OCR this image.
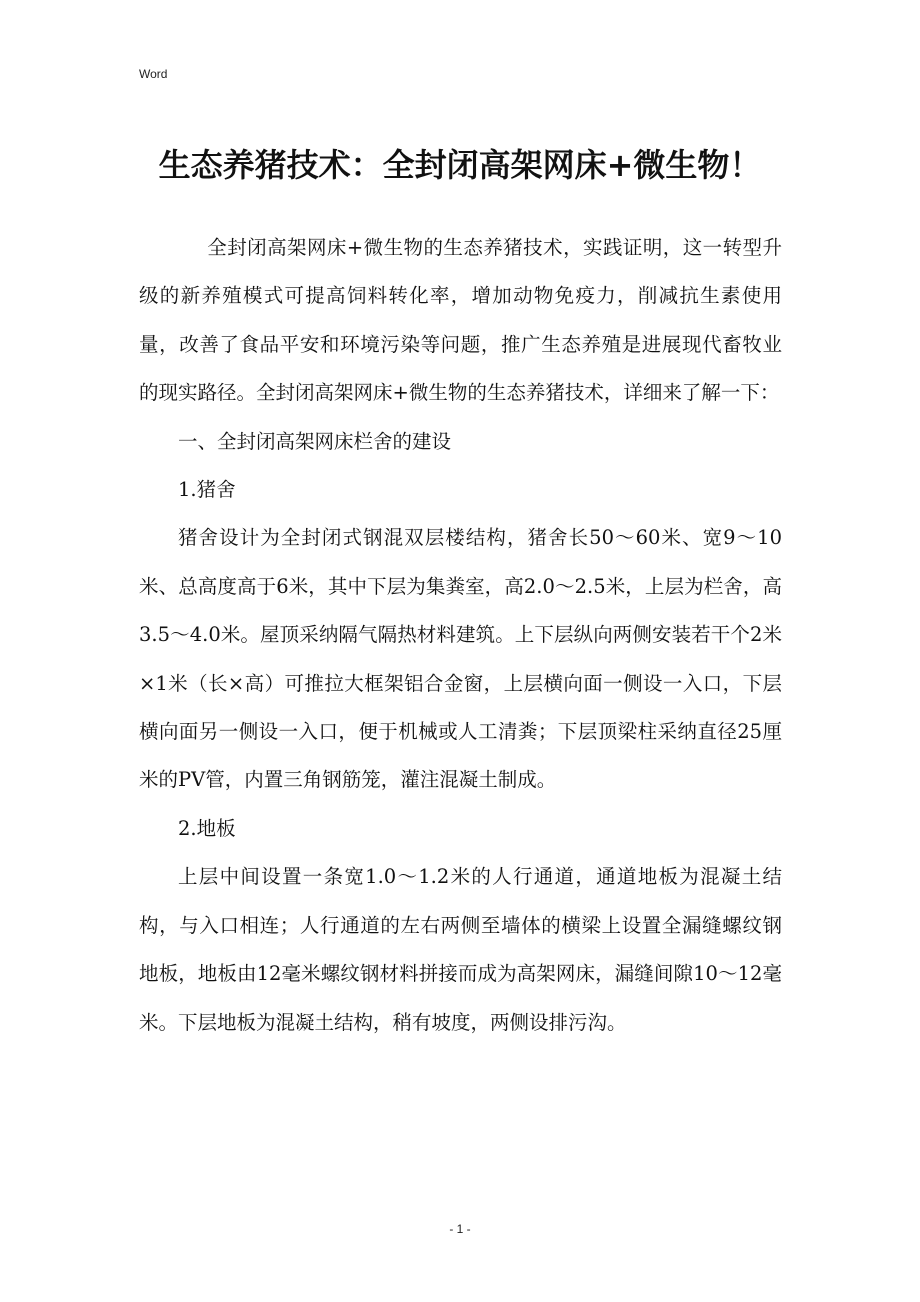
Word
生态养猪技术：全封闭高架网床+微生物！

全封闭高架网床+微生物的生态养猪技术，实践证明，这一转型升级的新养殖模式可提高饲料转化率，增加动物免疫力，削减抗生素使用量，改善了食品平安和环境污染等问题，推广生态养殖是进展现代畜牧业的现实路径。全封闭高架网床+微生物的生态养猪技术，详细来了解一下：

一、全封闭高架网床栏舍的建设

1.猪舍

猪舍设计为全封闭式钢混双层楼结构，猪舍长50～60米、宽9～10米、总高度高于6米，其中下层为集粪室，高2.0～2.5米，上层为栏舍，高3.5～4.0米。屋顶采纳隔气隔热材料建筑。上下层纵向两侧安装若干个2米×1米（长×高）可推拉大框架铝合金窗，上层横向面一侧设一入口，下层横向面另一侧设一入口，便于机械或人工清粪；下层顶梁柱采纳直径25厘米的PV管，内置三角钢筋笼，灌注混凝土制成。

2.地板

上层中间设置一条宽1.0～1.2米的人行通道，通道地板为混凝土结构，与入口相连；人行通道的左右两侧至墙体的横梁上设置全漏缝螺纹钢地板，地板由12毫米螺纹钢材料拼接而成为高架网床，漏缝间隙10～12毫米。下层地板为混凝土结构，稍有坡度，两侧设排污沟。

- 1 -
